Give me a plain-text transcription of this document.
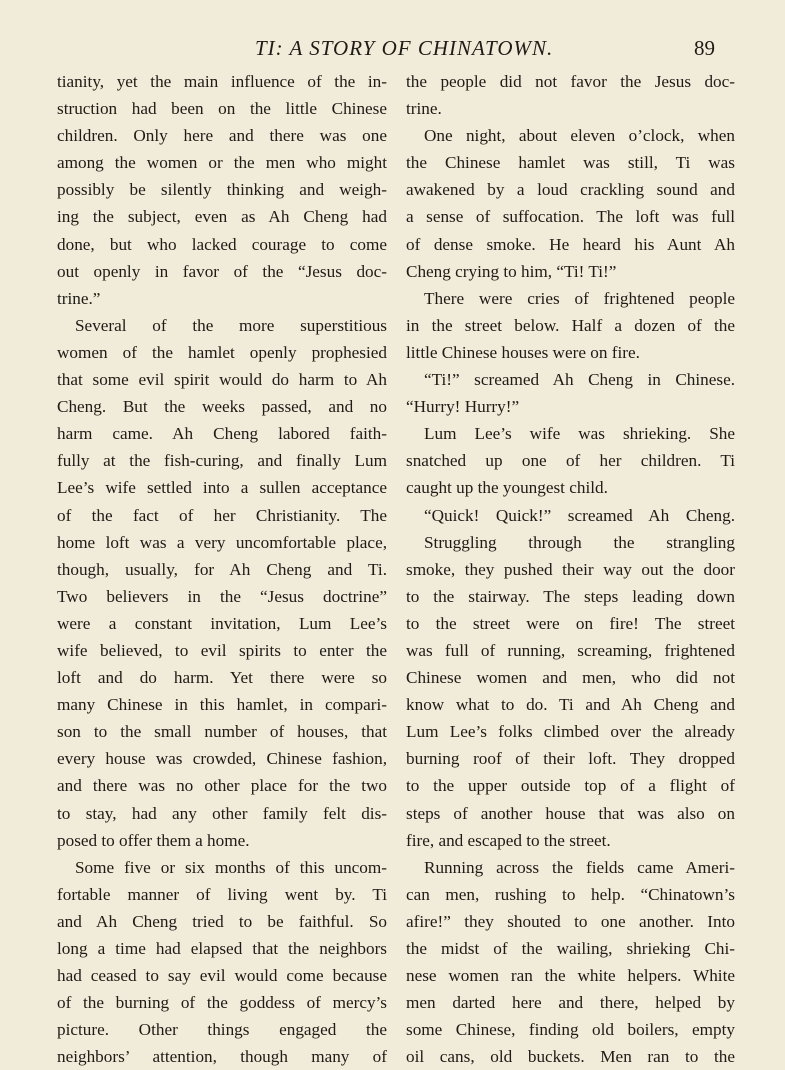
TI: A STORY OF CHINATOWN.	89
tianity, yet the main influence of the in-
struction had been on the little Chinese
children. Only here and there was one
among the women or the men who might
possibly be silently thinking and weigh-
ing the subject, even as Ah Cheng had
done, but who lacked courage to come
out openly in favor of the “Jesus doc-
trine.”
Several of the more superstitious
women of the hamlet openly prophesied
that some evil spirit would do harm to Ah
Cheng. But the weeks passed, and no
harm came. Ah Cheng labored faith-
fully at the fish-curing, and finally Lum
Lee’s wife settled into a sullen acceptance
of the fact of her Christianity. The
home loft was a very uncomfortable place,
though, usually, for Ah Cheng and Ti.
Two believers in the “Jesus doctrine”
were a constant invitation, Lum Lee’s
wife believed, to evil spirits to enter the
loft and do harm. Yet there were so
many Chinese in this hamlet, in compari-
son to the small number of houses, that
every house was crowded, Chinese fashion,
and there was no other place for the two
to stay, had any other family felt dis-
posed to offer them a home.
Some five or six months of this uncom-
fortable manner of living went by. Ti
and Ah Cheng tried to be faithful. So
long a time had elapsed that the neighbors
had ceased to say evil would come because
of the burning of the goddess of mercy’s
picture. Other things engaged the
neighbors’ attention, though many of
the people did not favor the Jesus doc-
trine.
One night, about eleven o’clock, when
the Chinese hamlet was still, Ti was
awakened by a loud crackling sound and
a sense of suffocation. The loft was full
of dense smoke. He heard his Aunt Ah
Cheng crying to him, “Ti! Ti!”
There were cries of frightened people
in the street below. Half a dozen of the
little Chinese houses were on fire.
“Ti!” screamed Ah Cheng in Chinese.
“Hurry! Hurry!”
Lum Lee’s wife was shrieking. She
snatched up one of her children. Ti
caught up the youngest child.
“Quick! Quick!” screamed Ah Cheng.
Struggling through the strangling
smoke, they pushed their way out the door
to the stairway. The steps leading down
to the street were on fire! The street
was full of running, screaming, frightened
Chinese women and men, who did not
know what to do. Ti and Ah Cheng and
Lum Lee’s folks climbed over the already
burning roof of their loft. They dropped
to the upper outside top of a flight of
steps of another house that was also on
fire, and escaped to the street.
Running across the fields came Ameri-
can men, rushing to help. “Chinatown’s
afire!” they shouted to one another. Into
the midst of the wailing, shrieking Chi-
nese women ran the white helpers. White
men darted here and there, helped by
some Chinese, finding old boilers, empty
oil cans, old buckets. Men ran to the
